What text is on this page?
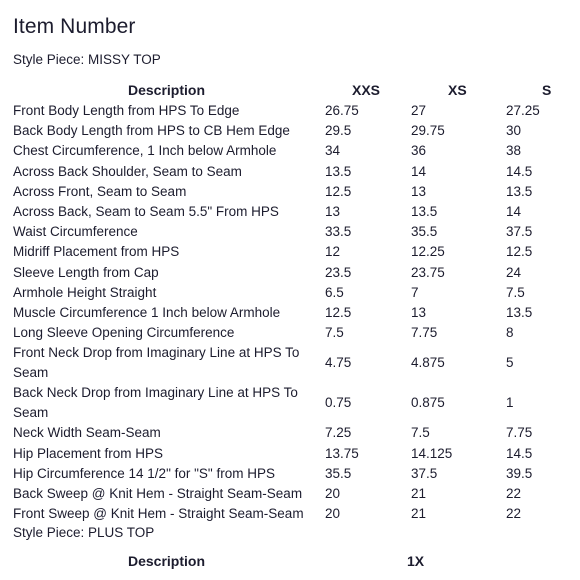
Item Number
Style Piece: MISSY TOP
Description	XXS	XS	S
Front Body Length from HPS To Edge	26.75	27	27.25
Back Body Length from HPS to CB Hem Edge	29.5	29.75	30
Chest Circumference, 1 Inch below Armhole	34	36	38
Across Back Shoulder, Seam to Seam	13.5	14	14.5
Across Front, Seam to Seam	12.5	13	13.5
Across Back, Seam to Seam 5.5" From HPS	13	13.5	14
Waist Circumference	33.5	35.5	37.5
Midriff Placement from HPS	12	12.25	12.5
Sleeve Length from Cap	23.5	23.75	24
Armhole Height Straight	6.5	7	7.5
Muscle Circumference 1 Inch below Armhole	12.5	13	13.5
Long Sleeve Opening Circumference	7.5	7.75	8
Front Neck Drop from Imaginary Line at HPS To Seam
4.75	4.875	5
Back Neck Drop from Imaginary Line at HPS To Seam
0.75	0.875	1
Neck Width Seam-Seam	7.25	7.5	7.75
Hip Placement from HPS	13.75	14.125	14.5
Hip Circumference 14 1/2" for "S" from HPS	35.5	37.5	39.5
Back Sweep @ Knit Hem - Straight Seam-Seam	20	21	22
Front Sweep @ Knit Hem - Straight Seam-Seam	20	21	22
Style Piece: PLUS TOP
Description	1X
